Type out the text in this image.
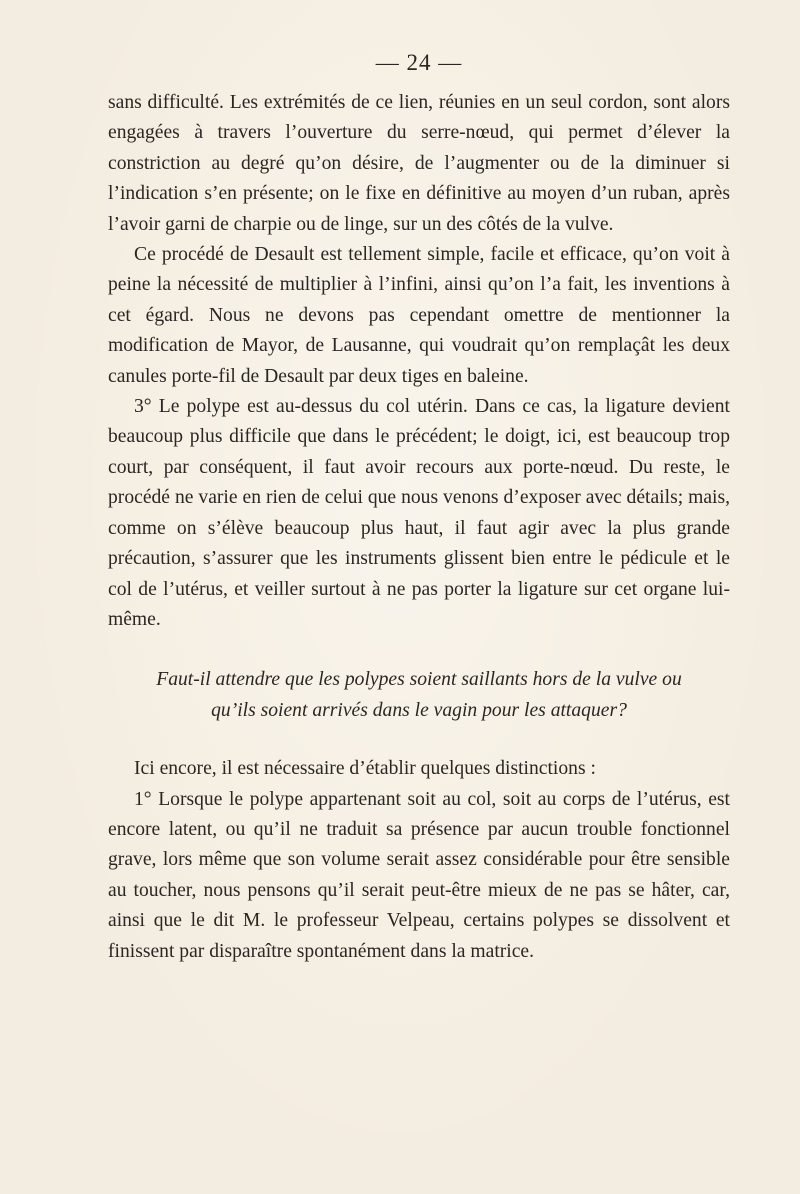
— 24 —

sans difficulté. Les extrémités de ce lien, réunies en un seul cordon, sont alors engagées à travers l’ouverture du serre-nœud, qui permet d’élever la constriction au degré qu’on désire, de l’augmenter ou de la diminuer si l’indication s’en présente; on le fixe en définitive au moyen d’un ruban, après l’avoir garni de charpie ou de linge, sur un des côtés de la vulve.

Ce procédé de Desault est tellement simple, facile et efficace, qu’on voit à peine la nécessité de multiplier à l’infini, ainsi qu’on l’a fait, les inventions à cet égard. Nous ne devons pas cependant omettre de mentionner la modification de Mayor, de Lausanne, qui voudrait qu’on remplaçât les deux canules porte-fil de Desault par deux tiges en baleine.

3° Le polype est au-dessus du col utérin. Dans ce cas, la ligature devient beaucoup plus difficile que dans le précédent; le doigt, ici, est beaucoup trop court, par conséquent, il faut avoir recours aux porte-nœud. Du reste, le procédé ne varie en rien de celui que nous venons d’exposer avec détails; mais, comme on s’élève beaucoup plus haut, il faut agir avec la plus grande précaution, s’assurer que les instruments glissent bien entre le pédicule et le col de l’utérus, et veiller surtout à ne pas porter la ligature sur cet organe lui-même.

Faut-il attendre que les polypes soient saillants hors de la vulve ou
qu’ils soient arrivés dans le vagin pour les attaquer?

Ici encore, il est nécessaire d’établir quelques distinctions :

1° Lorsque le polype appartenant soit au col, soit au corps de l’utérus, est encore latent, ou qu’il ne traduit sa présence par aucun trouble fonctionnel grave, lors même que son volume serait assez considérable pour être sensible au toucher, nous pensons qu’il serait peut-être mieux de ne pas se hâter, car, ainsi que le dit M. le professeur Velpeau, certains polypes se dissolvent et finissent par disparaître spontanément dans la matrice.
